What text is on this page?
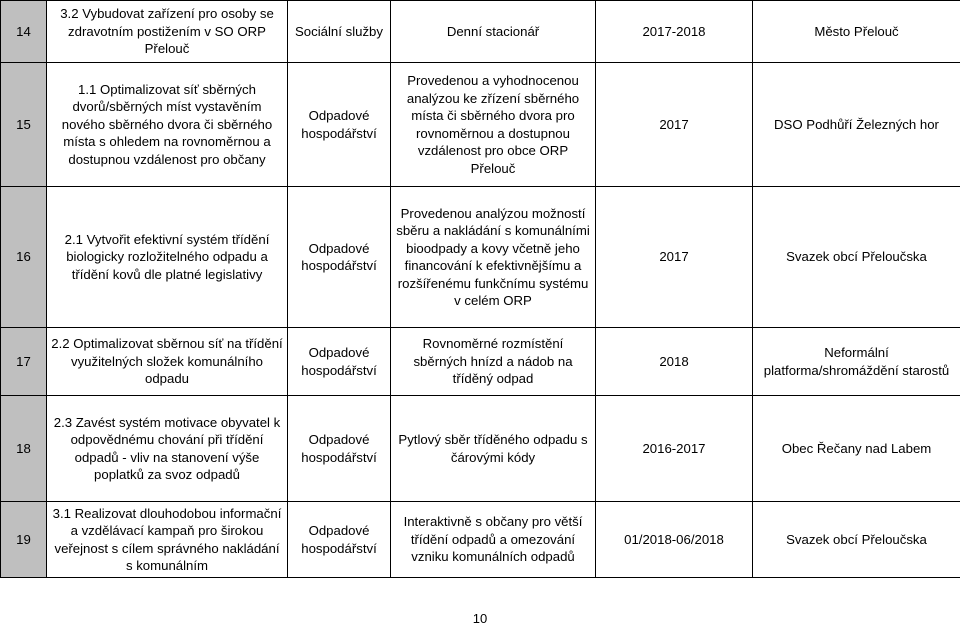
14	3.2 Vybudovat zařízení pro osoby se zdravotním postižením v SO ORP Přelouč	Sociální služby	Denní stacionář	2017-2018	Město Přelouč
15	1.1 Optimalizovat síť sběrných dvorů/sběrných míst vystavěním nového sběrného dvora či sběrného místa s ohledem na rovnoměrnou a dostupnou vzdálenost pro občany	Odpadové hospodářství	Provedenou a vyhodnocenou analýzou ke zřízení sběrného místa či sběrného dvora pro rovnoměrnou a dostupnou vzdálenost pro obce ORP Přelouč	2017	DSO Podhůří Železných hor
16	2.1 Vytvořit efektivní systém třídění biologicky rozložitelného odpadu a třídění kovů dle platné legislativy	Odpadové hospodářství	Provedenou analýzou možností sběru a nakládání s komunálními bioodpady a kovy včetně jeho financování k efektivnějšímu a rozšířenému funkčnímu systému v celém ORP	2017	Svazek obcí Přeloučska
17	2.2 Optimalizovat sběrnou síť na třídění využitelných složek komunálního odpadu	Odpadové hospodářství	Rovnoměrné rozmístění sběrných hnízd a nádob na tříděný odpad	2018	Neformální platforma/shromáždění starostů
18	2.3 Zavést systém motivace obyvatel k odpovědnému chování při třídění odpadů - vliv na stanovení výše poplatků za svoz odpadů	Odpadové hospodářství	Pytlový sběr tříděného odpadu s čárovými kódy	2016-2017	Obec Řečany nad Labem
19	3.1 Realizovat dlouhodobou informační a vzdělávací kampaň pro širokou veřejnost s cílem správného nakládání s komunálním	Odpadové hospodářství	Interaktivně s občany pro větší třídění odpadů a omezování vzniku komunálních odpadů	01/2018-06/2018	Svazek obcí Přeloučska
10
